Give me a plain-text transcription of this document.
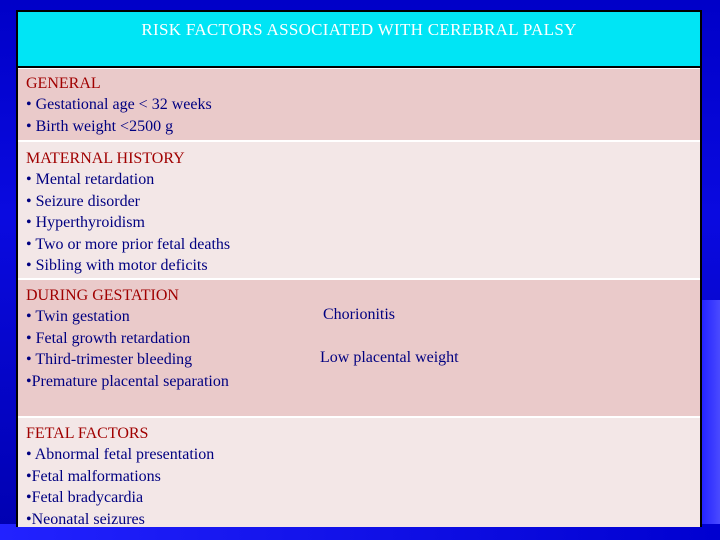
RISK FACTORS ASSOCIATED WITH CEREBRAL PALSY
GENERAL
• Gestational age < 32 weeks
• Birth weight <2500 g
MATERNAL HISTORY
• Mental retardation
• Seizure disorder
• Hyperthyroidism
• Two or more prior fetal deaths
• Sibling with motor deficits
DURING GESTATION
• Twin gestation
• Fetal growth retardation
• Third-trimester bleeding
•Premature placental separation
Chorionitis
Low placental weight
FETAL FACTORS
• Abnormal fetal presentation
•Fetal malformations
•Fetal bradycardia
•Neonatal seizures
